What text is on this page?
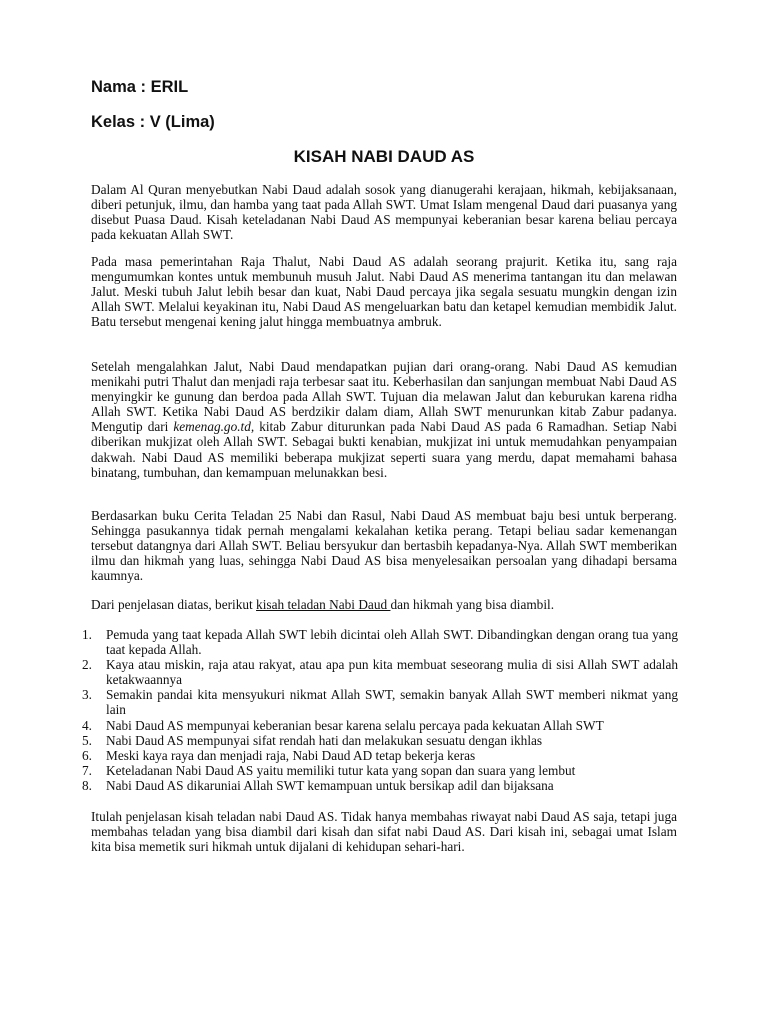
Nama : ERIL

Kelas : V (Lima)

KISAH NABI DAUD AS

Dalam Al Quran menyebutkan Nabi Daud adalah sosok yang dianugerahi kerajaan, hikmah, kebijaksanaan, diberi petunjuk, ilmu, dan hamba yang taat pada Allah SWT. Umat Islam mengenal Daud dari puasanya yang disebut Puasa Daud. Kisah keteladanan Nabi Daud AS mempunyai keberanian besar karena beliau percaya pada kekuatan Allah SWT.

Pada masa pemerintahan Raja Thalut, Nabi Daud AS adalah seorang prajurit. Ketika itu, sang raja mengumumkan kontes untuk membunuh musuh Jalut. Nabi Daud AS menerima tantangan itu dan melawan Jalut. Meski tubuh Jalut lebih besar dan kuat, Nabi Daud percaya jika segala sesuatu mungkin dengan izin Allah SWT. Melalui keyakinan itu, Nabi Daud AS mengeluarkan batu dan ketapel kemudian membidik Jalut. Batu tersebut mengenai kening jalut hingga membuatnya ambruk.

Setelah mengalahkan Jalut, Nabi Daud mendapatkan pujian dari orang-orang. Nabi Daud AS kemudian menikahi putri Thalut dan menjadi raja terbesar saat itu. Keberhasilan dan sanjungan membuat Nabi Daud AS menyingkir ke gunung dan berdoa pada Allah SWT. Tujuan dia melawan Jalut dan keburukan karena ridha Allah SWT. Ketika Nabi Daud AS berdzikir dalam diam, Allah SWT menurunkan kitab Zabur padanya. Mengutip dari kemenag.go.td, kitab Zabur diturunkan pada Nabi Daud AS pada 6 Ramadhan. Setiap Nabi diberikan mukjizat oleh Allah SWT. Sebagai bukti kenabian, mukjizat ini untuk memudahkan penyampaian dakwah. Nabi Daud AS memiliki beberapa mukjizat seperti suara yang merdu, dapat memahami bahasa binatang, tumbuhan, dan kemampuan melunakkan besi.

Berdasarkan buku Cerita Teladan 25 Nabi dan Rasul, Nabi Daud AS membuat baju besi untuk berperang. Sehingga pasukannya tidak pernah mengalami kekalahan ketika perang. Tetapi beliau sadar kemenangan tersebut datangnya dari Allah SWT. Beliau bersyukur dan bertasbih kepadanya-Nya. Allah SWT memberikan ilmu dan hikmah yang luas, sehingga Nabi Daud AS bisa menyelesaikan persoalan yang dihadapi bersama kaumnya.

Dari penjelasan diatas, berikut kisah teladan Nabi Daud dan hikmah yang bisa diambil.

1. Pemuda yang taat kepada Allah SWT lebih dicintai oleh Allah SWT. Dibandingkan dengan orang tua yang taat kepada Allah.
2. Kaya atau miskin, raja atau rakyat, atau apa pun kita membuat seseorang mulia di sisi Allah SWT adalah ketakwaannya
3. Semakin pandai kita mensyukuri nikmat Allah SWT, semakin banyak Allah SWT memberi nikmat yang lain
4. Nabi Daud AS mempunyai keberanian besar karena selalu percaya pada kekuatan Allah SWT
5. Nabi Daud AS mempunyai sifat rendah hati dan melakukan sesuatu dengan ikhlas
6. Meski kaya raya dan menjadi raja, Nabi Daud AD tetap bekerja keras
7. Keteladanan Nabi Daud AS yaitu memiliki tutur kata yang sopan dan suara yang lembut
8. Nabi Daud AS dikaruniai Allah SWT kemampuan untuk bersikap adil dan bijaksana

Itulah penjelasan kisah teladan nabi Daud AS. Tidak hanya membahas riwayat nabi Daud AS saja, tetapi juga membahas teladan yang bisa diambil dari kisah dan sifat nabi Daud AS. Dari kisah ini, sebagai umat Islam kita bisa memetik suri hikmah untuk dijalani di kehidupan sehari-hari.
